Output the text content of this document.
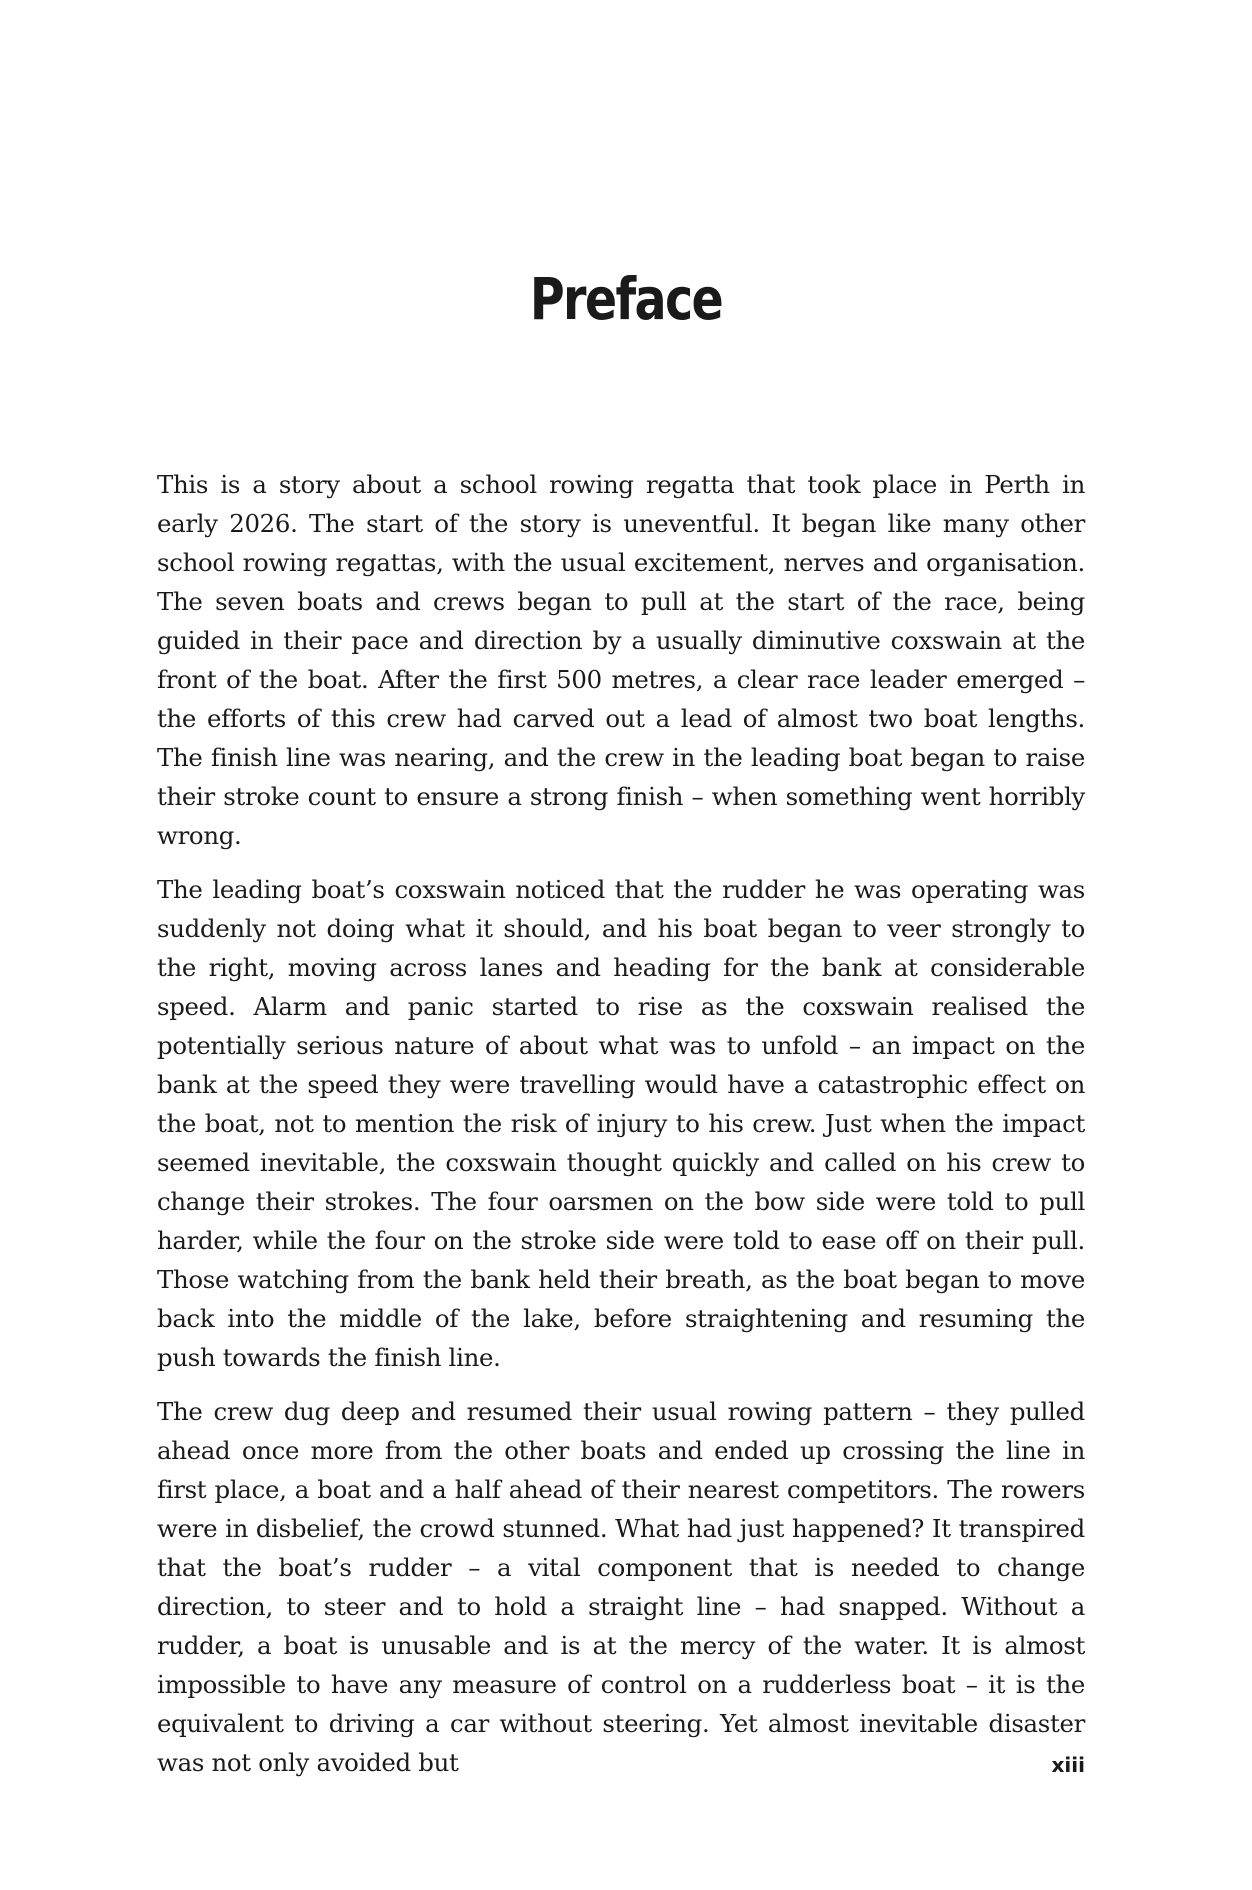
Preface

This is a story about a school rowing regatta that took place in Perth in early 2026. The start of the story is uneventful. It began like many other school rowing regattas, with the usual excitement, nerves and organisation. The seven boats and crews began to pull at the start of the race, being guided in their pace and direction by a usually diminutive coxswain at the front of the boat. After the first 500 metres, a clear race leader emerged – the efforts of this crew had carved out a lead of almost two boat lengths. The finish line was nearing, and the crew in the leading boat began to raise their stroke count to ensure a strong finish – when something went horribly wrong.

The leading boat’s coxswain noticed that the rudder he was operating was suddenly not doing what it should, and his boat began to veer strongly to the right, moving across lanes and heading for the bank at considerable speed. Alarm and panic started to rise as the coxswain realised the potentially serious nature of about what was to unfold – an impact on the bank at the speed they were travelling would have a catastrophic effect on the boat, not to mention the risk of injury to his crew. Just when the impact seemed inevitable, the coxswain thought quickly and called on his crew to change their strokes. The four oarsmen on the bow side were told to pull harder, while the four on the stroke side were told to ease off on their pull. Those watching from the bank held their breath, as the boat began to move back into the middle of the lake, before straightening and resuming the push towards the finish line.

The crew dug deep and resumed their usual rowing pattern – they pulled ahead once more from the other boats and ended up crossing the line in first place, a boat and a half ahead of their nearest competitors. The rowers were in disbelief, the crowd stunned. What had just happened? It transpired that the boat’s rudder – a vital component that is needed to change direction, to steer and to hold a straight line – had snapped. Without a rudder, a boat is unusable and is at the mercy of the water. It is almost impossible to have any measure of control on a rudderless boat – it is the equivalent to driving a car without steering. Yet almost inevitable disaster was not only avoided but	xiii
